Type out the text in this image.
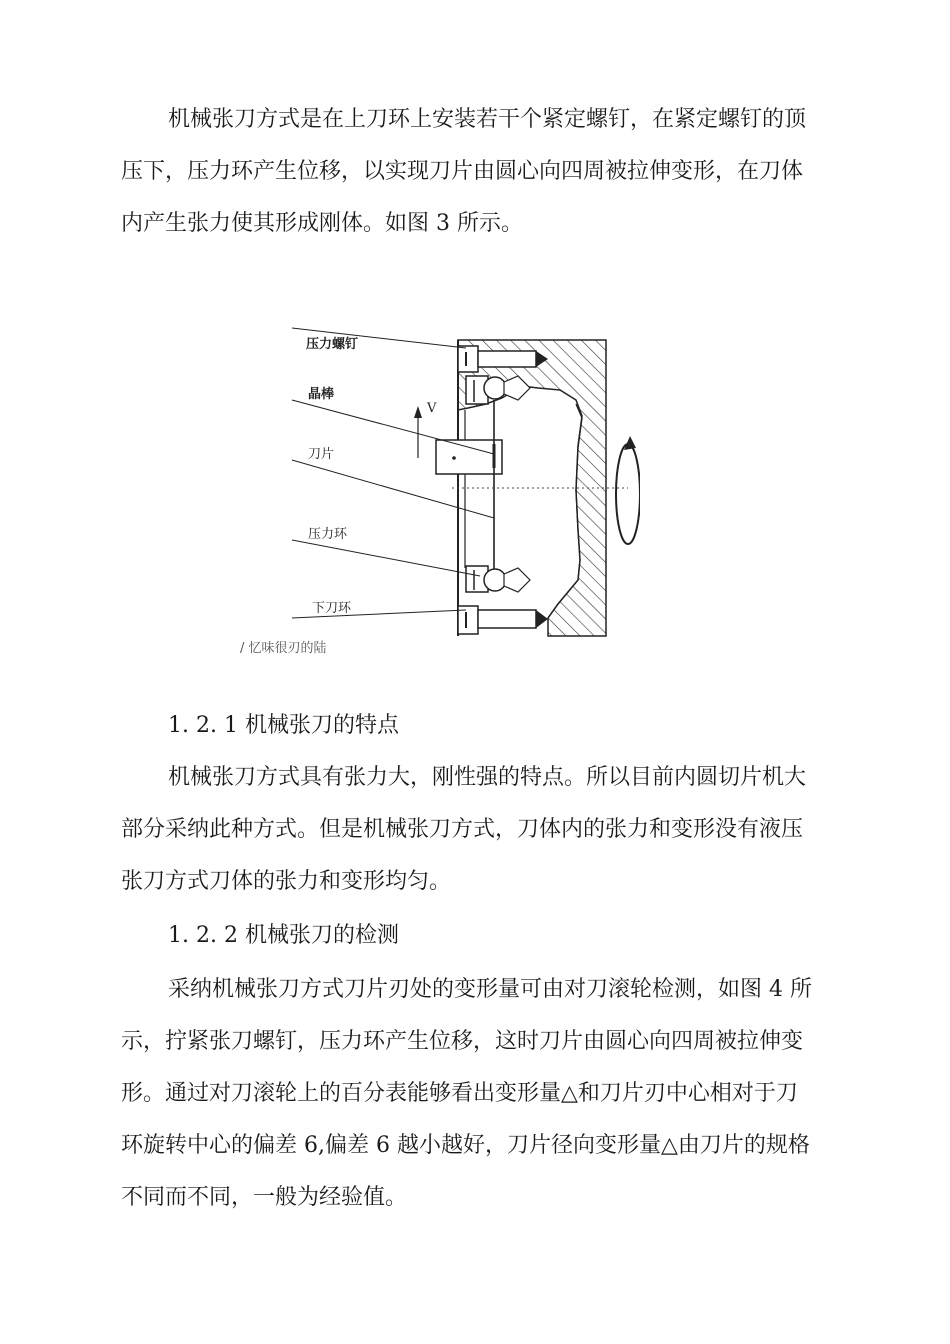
机械张刀方式是在上刀环上安装若干个紧定螺钉，在紧定螺钉的顶
压下，压力环产生位移，以实现刀片由圆心向四周被拉伸变形，在刀体
内产生张力使其形成刚体。如图 3 所示。
V
压力螺钉
晶棒
刀片
压力环
下刀环
/ 忆味很刃的陆
1. 2. 1 机械张刀的特点
机械张刀方式具有张力大，刚性强的特点。所以目前内圆切片机大
部分采纳此种方式。但是机械张刀方式，刀体内的张力和变形没有液压
张刀方式刀体的张力和变形均匀。
1. 2. 2 机械张刀的检测
采纳机械张刀方式刀片刃处的变形量可由对刀滚轮检测，如图 4 所
示，拧紧张刀螺钉，压力环产生位移，这时刀片由圆心向四周被拉伸变
形。通过对刀滚轮上的百分表能够看出变形量△和刀片刃中心相对于刀
环旋转中心的偏差 6,偏差 6 越小越好，刀片径向变形量△由刀片的规格
不同而不同，一般为经验值。
